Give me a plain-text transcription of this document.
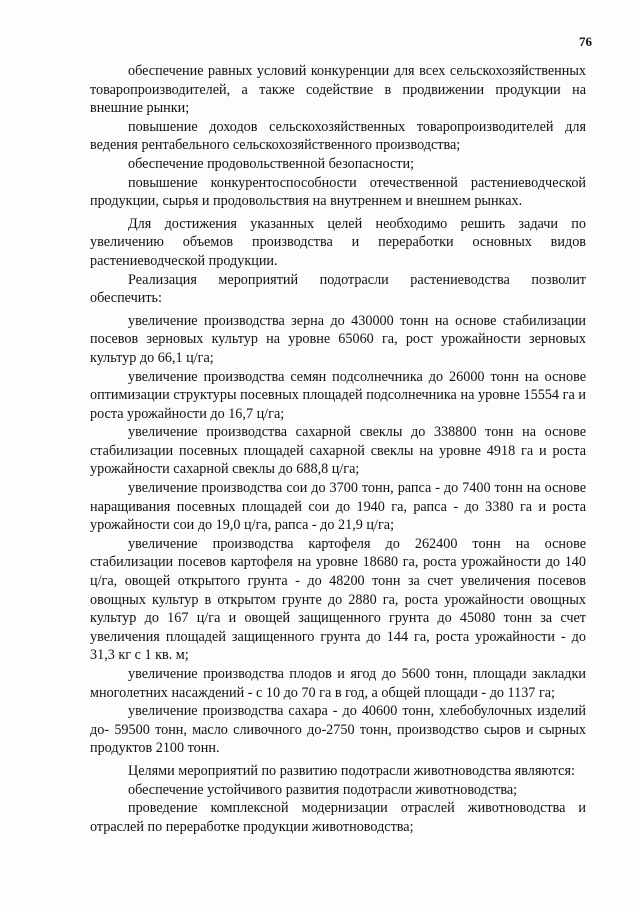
76

обеспечение равных условий конкуренции для всех сельскохозяйственных товаропроизводителей, а также содействие в продвижении продукции на внешние рынки;

повышение доходов сельскохозяйственных товаропроизводителей для ведения рентабельного сельскохозяйственного производства;

обеспечение продовольственной безопасности;

повышение конкурентоспособности отечественной растениеводческой продукции, сырья и продовольствия на внутреннем и внешнем рынках.

Для достижения указанных целей необходимо решить задачи по увеличению объемов производства и переработки основных видов растениеводческой продукции.

Реализация мероприятий подотрасли растениеводства позволит обеспечить:

увеличение производства зерна до 430000 тонн на основе стабилизации посевов зерновых культур на уровне 65060 га, рост урожайности зерновых культур до 66,1 ц/га;

увеличение производства семян подсолнечника до 26000 тонн на основе оптимизации структуры посевных площадей подсолнечника на уровне 15554 га и роста урожайности до 16,7 ц/га;

увеличение производства сахарной свеклы до 338800 тонн на основе стабилизации посевных площадей сахарной свеклы на уровне 4918 га и роста урожайности сахарной свеклы до 688,8 ц/га;

увеличение производства сои до 3700 тонн, рапса - до 7400 тонн на основе наращивания посевных площадей сои до 1940 га, рапса - до 3380 га и роста урожайности сои до 19,0 ц/га, рапса - до 21,9 ц/га;

увеличение производства картофеля до 262400 тонн на основе стабилизации посевов картофеля на уровне 18680 га, роста урожайности до 140 ц/га, овощей открытого грунта - до 48200 тонн за счет увеличения посевов овощных культур в открытом грунте до 2880 га, роста урожайности овощных культур до 167 ц/га и овощей защищенного грунта до 45080 тонн за счет увеличения площадей защищенного грунта до 144 га, роста урожайности - до 31,3 кг с 1 кв. м;

увеличение производства плодов и ягод до 5600 тонн, площади закладки многолетних насаждений - с 10 до 70 га в год, а общей площади - до 1137 га;

увеличение производства сахара - до 40600 тонн, хлебобулочных изделий до- 59500 тонн, масло сливочного до-2750 тонн, производство сыров и сырных продуктов 2100 тонн.

Целями мероприятий по развитию подотрасли животноводства являются:

обеспечение устойчивого развития подотрасли животноводства;

проведение комплексной модернизации отраслей животноводства и отраслей по переработке продукции животноводства;
